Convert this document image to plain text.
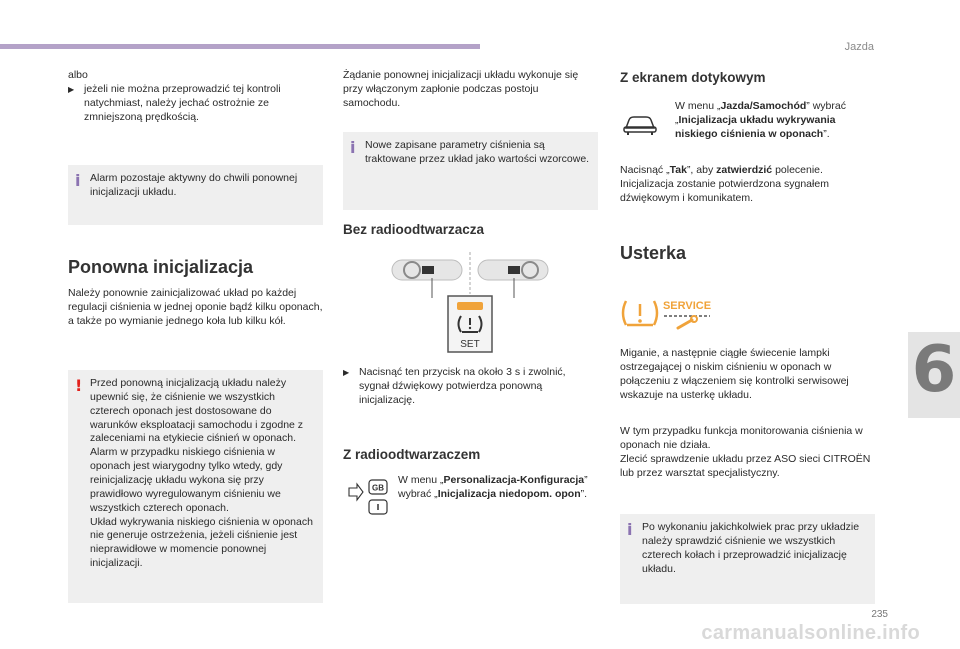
Jazda
6
235
carmanualsonline.info

albo

▶ jeżeli nie można przeprowadzić tej kontroli natychmiast, należy jechać ostrożnie ze zmniejszoną prędkością.
i Alarm pozostaje aktywny do chwili ponownej inicjalizacji układu.

Ponowna inicjalizacja

Należy ponownie zainicjalizować układ po każdej regulacji ciśnienia w jednej oponie bądź kilku oponach, a także po wymianie jednego koła lub kilku kół.

! Przed ponowną inicjalizacją układu należy upewnić się, że ciśnienie we wszystkich czterech oponach jest dostosowane do warunków eksploatacji samochodu i zgodne z zaleceniami na etykiecie ciśnień w oponach.
Alarm w przypadku niskiego ciśnienia w oponach jest wiarygodny tylko wtedy, gdy reinicjalizację układu wykona się przy prawidłowo wyregulowanym ciśnieniu we wszystkich czterech oponach.
Układ wykrywania niskiego ciśnienia w oponach nie generuje ostrzeżenia, jeżeli ciśnienie jest nieprawidłowe w momencie ponownej inicjalizacji.

Żądanie ponownej inicjalizacji układu wykonuje się przy włączonym zapłonie podczas postoju samochodu.

i Nowe zapisane parametry ciśnienia są traktowane przez układ jako wartości wzorcowe.

Bez radioodtwarzacza
SET
▶ Nacisnąć ten przycisk na około 3 s i zwolnić, sygnał dźwiękowy potwierdza ponowną inicjalizację.
Z radioodtwarzaczem
GB

W menu „Personalizacja-Konfiguracja” wybrać „Inicjalizacja niedopom. opon”.

Z ekranem dotykowym

W menu „Jazda/Samochód” wybrać „Inicjalizacja układu wykrywania niskiego ciśnienia w oponach”.

Nacisnąć „Tak”, aby zatwierdzić polecenie.
Inicjalizacja zostanie potwierdzona sygnałem dźwiękowym i komunikatem.

Usterka
SERVICE

Miganie, a następnie ciągłe świecenie lampki ostrzegającej o niskim ciśnieniu w oponach w połączeniu z włączeniem się kontrolki serwisowej wskazuje na usterkę układu.

W tym przypadku funkcja monitorowania ciśnienia w oponach nie działa.
Zlecić sprawdzenie układu przez ASO sieci CITROËN lub przez warsztat specjalistyczny.

i Po wykonaniu jakichkolwiek prac przy układzie należy sprawdzić ciśnienie we wszystkich czterech kołach i przeprowadzić inicjalizację układu.
